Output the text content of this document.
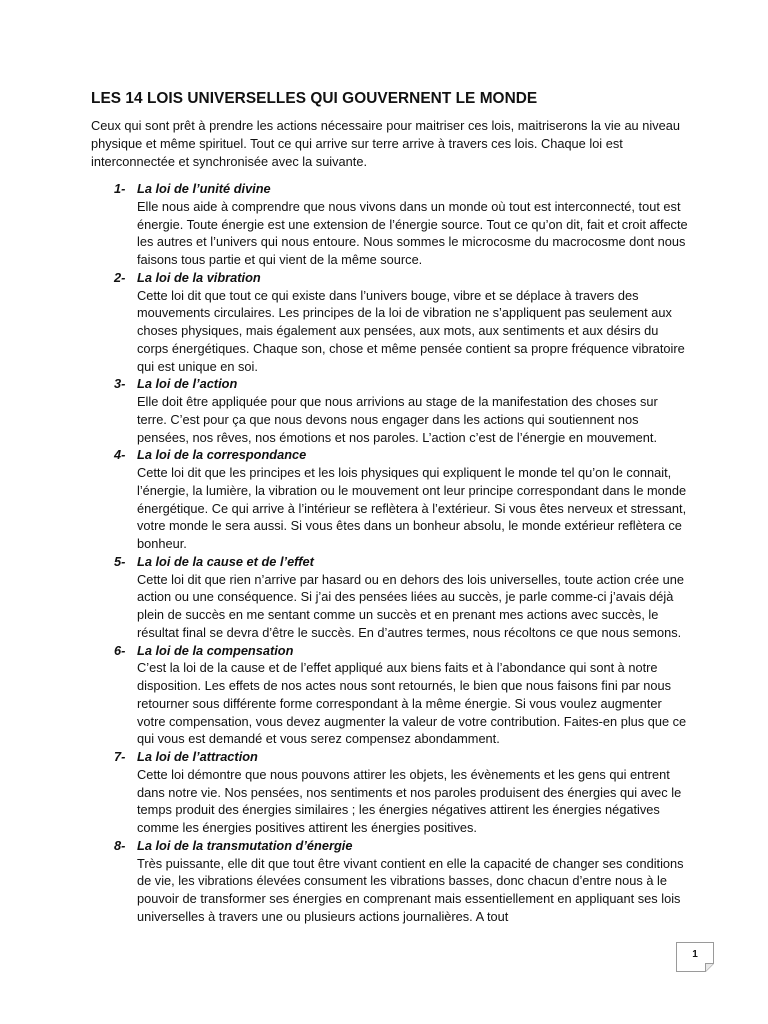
LES 14 LOIS UNIVERSELLES QUI GOUVERNENT LE MONDE

Ceux qui sont prêt à prendre les actions nécessaire pour maitriser ces lois, maitriserons la vie au niveau physique et même spirituel. Tout ce qui arrive sur terre arrive à travers ces lois. Chaque loi est interconnectée et synchronisée avec la suivante.

1- La loi de l’unité divine
Elle nous aide à comprendre que nous vivons dans un monde où tout est interconnecté, tout est énergie. Toute énergie est une extension de l’énergie source. Tout ce qu’on dit, fait et croit affecte les autres et l’univers qui nous entoure. Nous sommes le microcosme du macrocosme dont nous faisons tous partie et qui vient de la même source.
2- La loi de la vibration
Cette loi dit que tout ce qui existe dans l’univers bouge, vibre et se déplace à travers des mouvements circulaires. Les principes de la loi de vibration ne s’appliquent pas seulement aux choses physiques, mais également aux pensées, aux mots, aux sentiments et aux désirs du corps énergétiques. Chaque son, chose et même pensée contient sa propre fréquence vibratoire qui est unique en soi.
3- La loi de l’action
Elle doit être appliquée pour que nous arrivions au stage de la manifestation des choses sur terre. C’est pour ça que nous devons nous engager dans les actions qui soutiennent nos pensées, nos rêves, nos émotions et nos paroles. L’action c’est de l’énergie en mouvement.
4- La loi de la correspondance
Cette loi dit que les principes et les lois physiques qui expliquent le monde tel qu’on le connait, l’énergie, la lumière, la vibration ou le mouvement ont leur principe correspondant dans le monde énergétique. Ce qui arrive à l’intérieur se reflètera à l’extérieur. Si vous êtes nerveux et stressant, votre monde le sera aussi. Si vous êtes dans un bonheur absolu, le monde extérieur reflètera ce bonheur.
5- La loi de la cause et de l’effet
Cette loi dit que rien n’arrive par hasard ou en dehors des lois universelles, toute action crée une action ou une conséquence. Si j’ai des pensées liées au succès, je parle comme-ci j’avais déjà plein de succès en me sentant comme un succès et en prenant mes actions avec succès, le résultat final se devra d’être le succès. En d’autres termes, nous récoltons ce que nous semons.
6- La loi de la compensation
C’est la loi de la cause et de l’effet appliqué aux biens faits et à l’abondance qui sont à notre disposition. Les effets de nos actes nous sont retournés, le bien que nous faisons fini par nous retourner sous différente forme correspondant à la même énergie. Si vous voulez augmenter votre compensation, vous devez augmenter la valeur de votre contribution. Faites-en plus que ce qui vous est demandé et vous serez compensez abondamment.
7- La loi de l’attraction
Cette loi démontre que nous pouvons attirer les objets, les évènements et les gens qui entrent dans notre vie. Nos pensées, nos sentiments et nos paroles produisent des énergies qui avec le temps produit des énergies similaires ; les énergies négatives attirent les énergies négatives comme les énergies positives attirent les énergies positives.
8- La loi de la transmutation d’énergie
Très puissante, elle dit que tout être vivant contient en elle la capacité de changer ses conditions de vie, les vibrations élevées consument les vibrations basses, donc chacun d’entre nous à le pouvoir de transformer ses énergies en comprenant mais essentiellement en appliquant ses lois universelles à travers une ou plusieurs actions journalières. A tout
1
